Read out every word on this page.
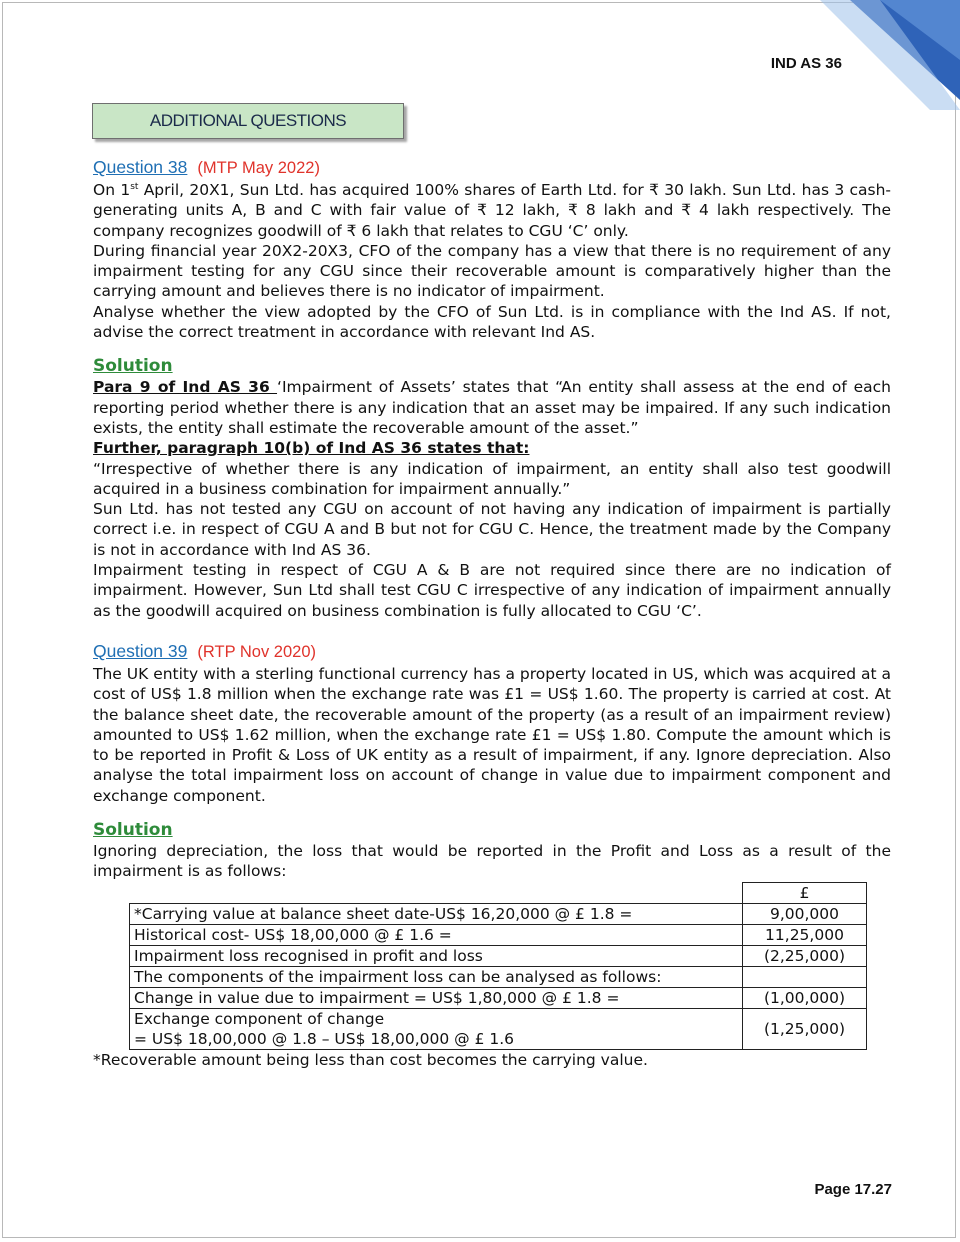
IND AS 36
ADDITIONAL QUESTIONS

Question 38 (MTP May 2022)

On 1st April, 20X1, Sun Ltd. has acquired 100% shares of Earth Ltd. for ₹ 30 lakh. Sun Ltd. has 3 cash-generating units A, B and C with fair value of ₹ 12 lakh, ₹ 8 lakh and ₹ 4 lakh respectively. The company recognizes goodwill of ₹ 6 lakh that relates to CGU ‘C’ only.

During financial year 20X2-20X3, CFO of the company has a view that there is no requirement of any impairment testing for any CGU since their recoverable amount is comparatively higher than the carrying amount and believes there is no indicator of impairment.

Analyse whether the view adopted by the CFO of Sun Ltd. is in compliance with the Ind AS. If not, advise the correct treatment in accordance with relevant Ind AS.

Solution

Para 9 of Ind AS 36 ‘Impairment of Assets’ states that “An entity shall assess at the end of each reporting period whether there is any indication that an asset may be impaired. If any such indication exists, the entity shall estimate the recoverable amount of the asset.”

Further, paragraph 10(b) of Ind AS 36 states that:

“Irrespective of whether there is any indication of impairment, an entity shall also test goodwill acquired in a business combination for impairment annually.”

Sun Ltd. has not tested any CGU on account of not having any indication of impairment is partially correct i.e. in respect of CGU A and B but not for CGU C. Hence, the treatment made by the Company is not in accordance with Ind AS 36.

Impairment testing in respect of CGU A & B are not required since there are no indication of impairment. However, Sun Ltd shall test CGU C irrespective of any indication of impairment annually as the goodwill acquired on business combination is fully allocated to CGU ‘C’.

Question 39 (RTP Nov 2020)

The UK entity with a sterling functional currency has a property located in US, which was acquired at a cost of US$ 1.8 million when the exchange rate was £1 = US$ 1.60. The property is carried at cost. At the balance sheet date, the recoverable amount of the property (as a result of an impairment review) amounted to US$ 1.62 million, when the exchange rate £1 = US$ 1.80. Compute the amount which is to be reported in Profit & Loss of UK entity as a result of impairment, if any. Ignore depreciation. Also analyse the total impairment loss on account of change in value due to impairment component and exchange component.

Solution

Ignoring depreciation, the loss that would be reported in the Profit and Loss as a result of the impairment is as follows:

	£
*Carrying value at balance sheet date-US$ 16,20,000 @ £ 1.8 =	9,00,000
Historical cost- US$ 18,00,000 @ £ 1.6 =	11,25,000
Impairment loss recognised in profit and loss	(2,25,000)
The components of the impairment loss can be analysed as follows:	
Change in value due to impairment = US$ 1,80,000 @ £ 1.8 =	(1,00,000)
Exchange component of change
= US$ 18,00,000 @ 1.8 – US$ 18,00,000 @ £ 1.6	(1,25,000)

*Recoverable amount being less than cost becomes the carrying value.

Page 17.27
